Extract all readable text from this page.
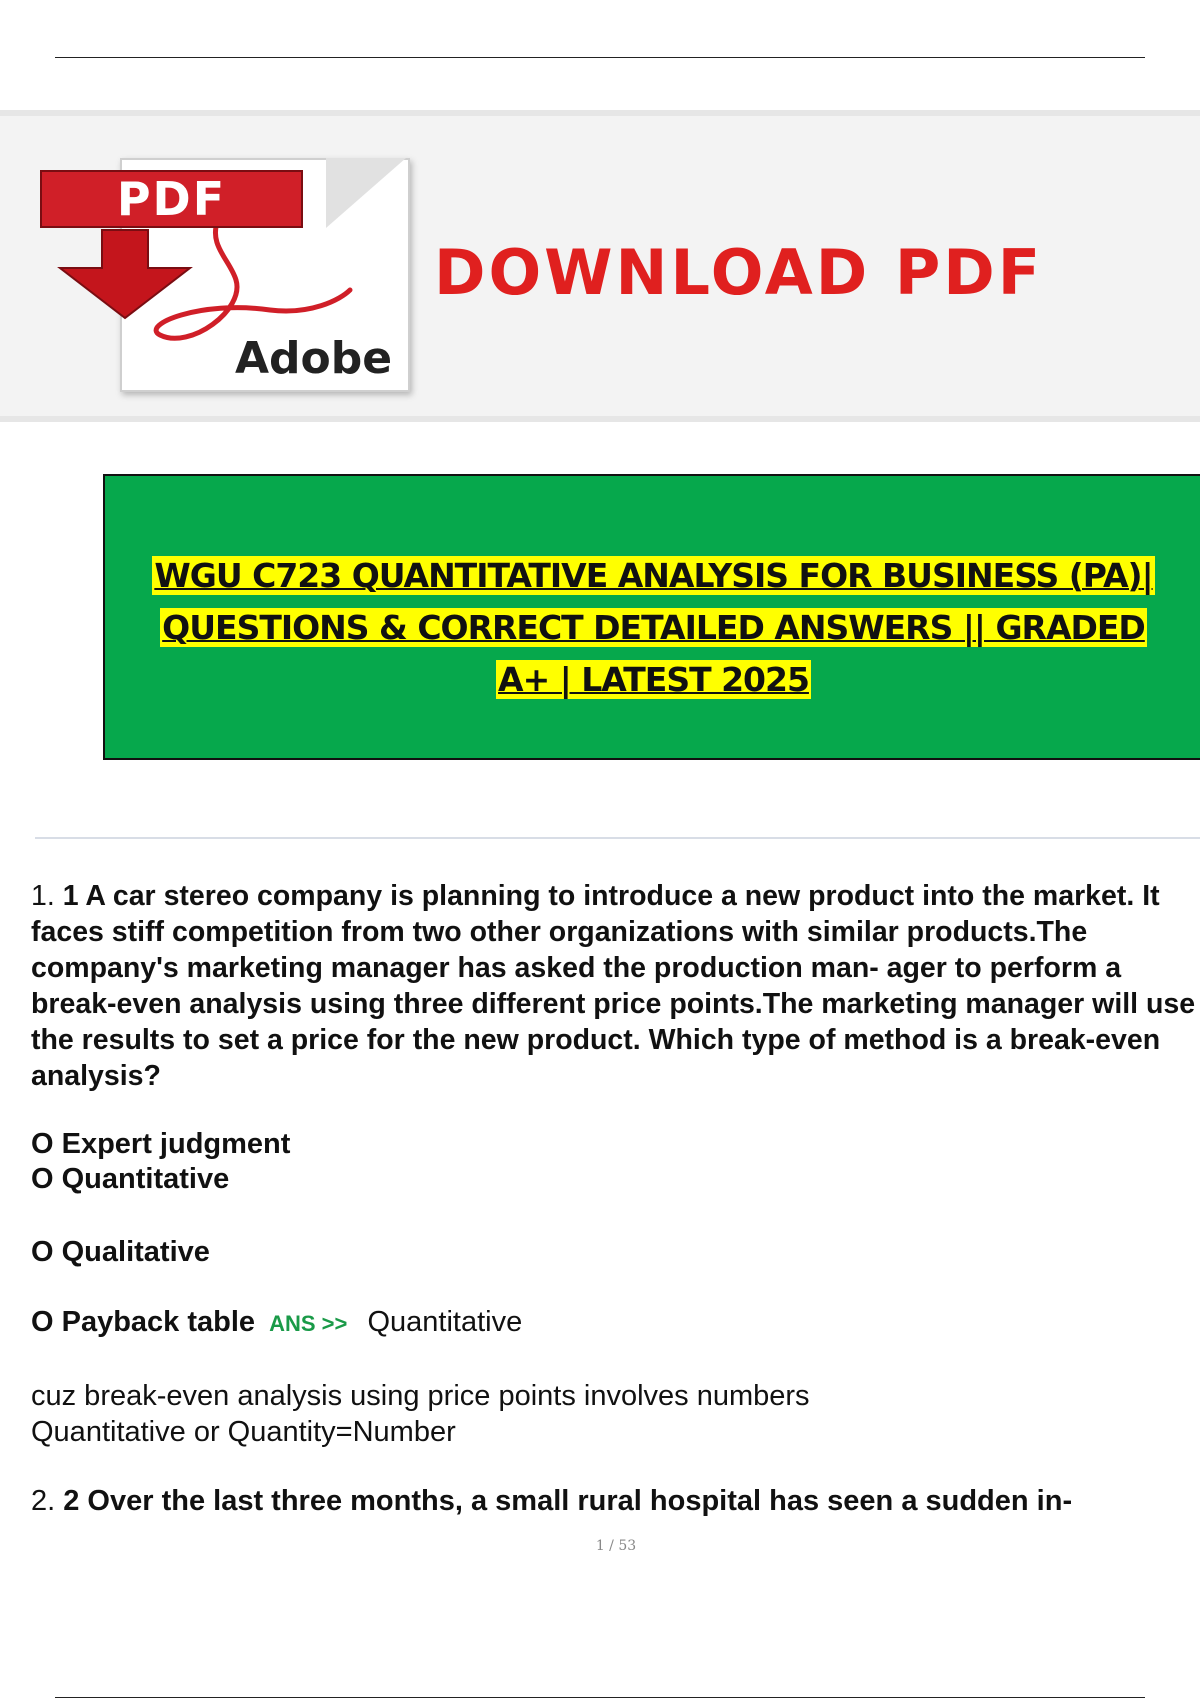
PDF
Adobe
DOWNLOAD PDF
WGU C723 QUANTITATIVE ANALYSIS FOR BUSINESS (PA)|
QUESTIONS & CORRECT DETAILED ANSWERS || GRADED
A+ | LATEST 2025
1. 1 A car stereo company is planning to introduce a new product into the market. It faces stiff competition from two other organizations with similar products.The company's marketing manager has asked the production man- ager to perform a break-even analysis using three different price points.The marketing manager will use the results to set a price for the new product. Which type of method is a break-even analysis?
O Expert judgment
O Quantitative
O Qualitative
O Payback table ANS >> Quantitative
cuz break-even analysis using price points involves numbers
Quantitative or Quantity=Number
2. 2 Over the last three months, a small rural hospital has seen a sudden in-
1 / 53
